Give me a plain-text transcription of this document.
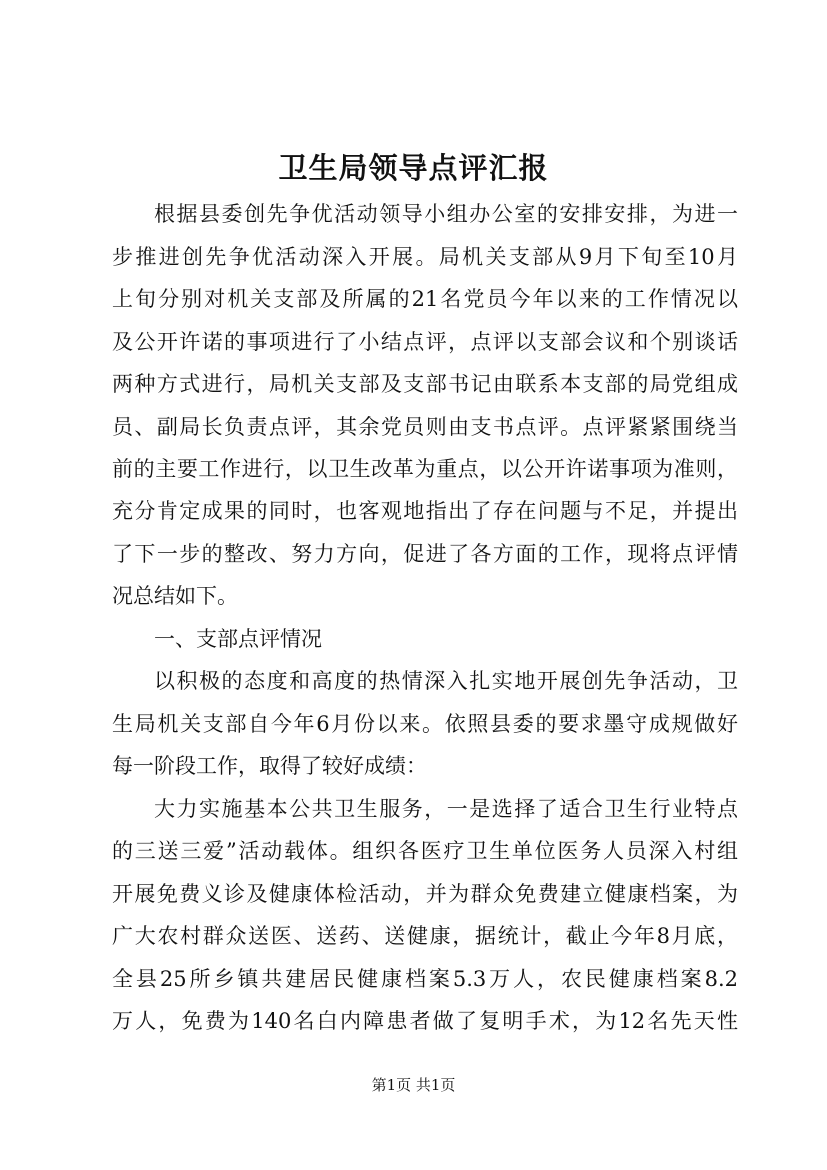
卫生局领导点评汇报
根据县委创先争优活动领导小组办公室的安排安排，为进一
步推进创先争优活动深入开展。局机关支部从9月下旬至10月
上旬分别对机关支部及所属的21名党员今年以来的工作情况以
及公开许诺的事项进行了小结点评，点评以支部会议和个别谈话
两种方式进行，局机关支部及支部书记由联系本支部的局党组成
员、副局长负责点评，其余党员则由支书点评。点评紧紧围绕当
前的主要工作进行，以卫生改革为重点，以公开许诺事项为准则，
充分肯定成果的同时，也客观地指出了存在问题与不足，并提出
了下一步的整改、努力方向，促进了各方面的工作，现将点评情
况总结如下。
一、支部点评情况
以积极的态度和高度的热情深入扎实地开展创先争活动，卫
生局机关支部自今年6月份以来。依照县委的要求墨守成规做好
每一阶段工作，取得了较好成绩：
大力实施基本公共卫生服务，一是选择了适合卫生行业特点
的三送三爱”活动载体。组织各医疗卫生单位医务人员深入村组
开展免费义诊及健康体检活动，并为群众免费建立健康档案，为
广大农村群众送医、送药、送健康，据统计，截止今年8月底，
全县25所乡镇共建居民健康档案5.3万人，农民健康档案8.2
万人，免费为140名白内障患者做了复明手术，为12名先天性
第1页 共1页
